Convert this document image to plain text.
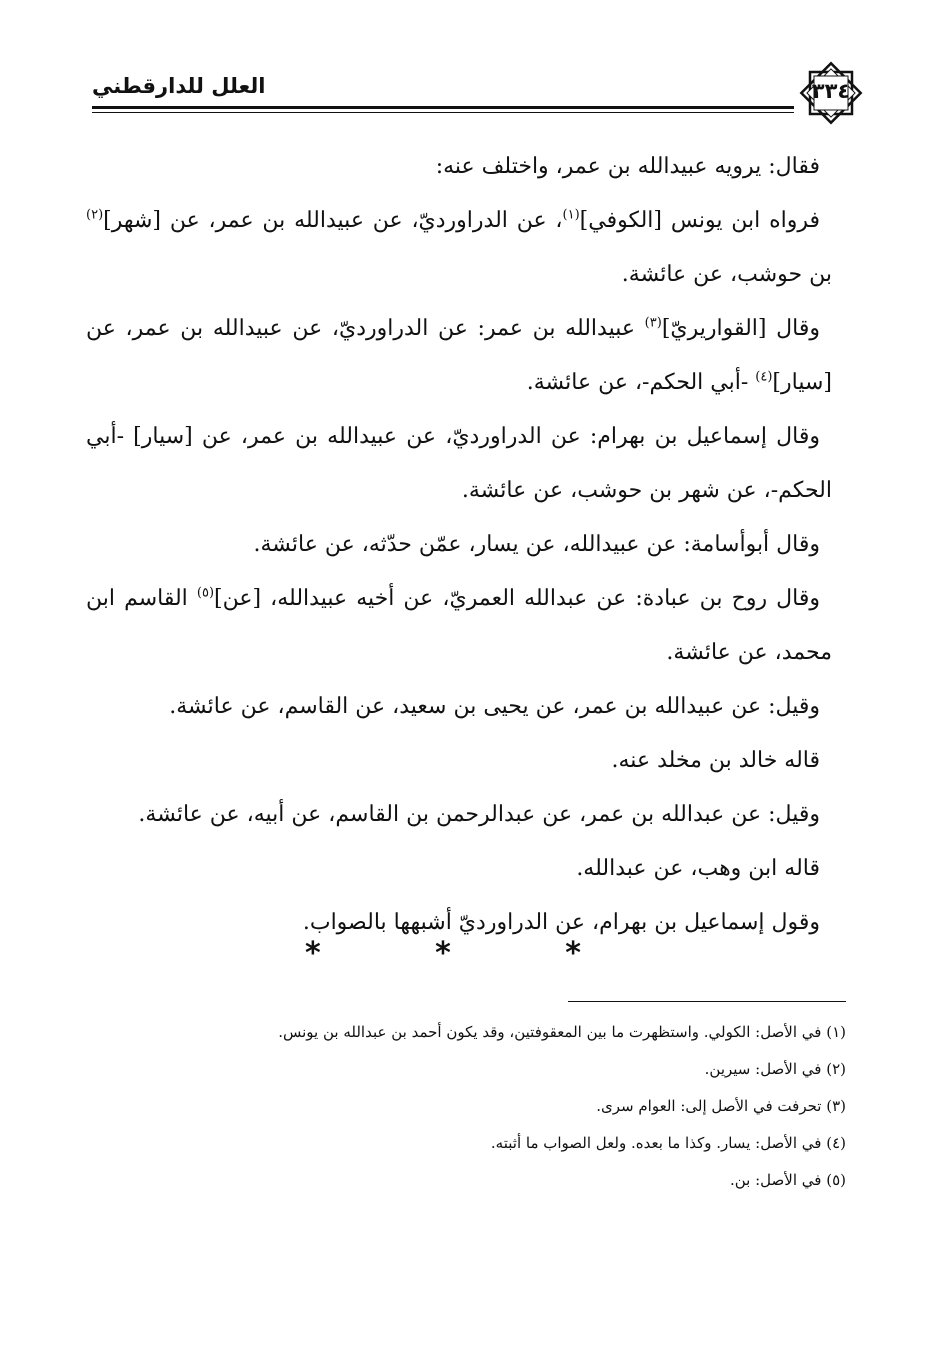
العلل للدارقطني	٣٣٤

فقال: يرويه عبيدالله بن عمر، واختلف عنه:

فرواه ابن يونس [الكوفي]$^{(١)}$، عن الدراورديّ، عن عبيدالله بن عمر، عن [شهر]$^{(٢)}$ بن حوشب، عن عائشة.

وقال [القواريريّ]$^{(٣)}$ عبيدالله بن عمر: عن الدراورديّ، عن عبيدالله بن عمر، عن [سيار]$^{(٤)}$ -أبي الحكم-، عن عائشة.

وقال إسماعيل بن بهرام: عن الدراورديّ، عن عبيدالله بن عمر، عن [سيار] -أبي الحكم-، عن شهر بن حوشب، عن عائشة.

وقال أبوأسامة: عن عبيدالله، عن يسار، عمّن حدّثه، عن عائشة.

وقال روح بن عبادة: عن عبدالله العمريّ، عن أخيه عبيدالله، [عن]$^{(٥)}$ القاسم ابن محمد، عن عائشة.

وقيل: عن عبيدالله بن عمر، عن يحيى بن سعيد، عن القاسم، عن عائشة.

قاله خالد بن مخلد عنه.

وقيل: عن عبدالله بن عمر، عن عبدالرحمن بن القاسم، عن أبيه، عن عائشة.

قاله ابن وهب، عن عبدالله.

وقول إسماعيل بن بهرام، عن الدراورديّ أشبهها بالصواب.

* * *

(١) في الأصل: الكولي. واستظهرت ما بين المعقوفتين، وقد يكون أحمد بن عبدالله بن يونس.

(٢) في الأصل: سيرين.

(٣) تحرفت في الأصل إلى: العوام سرى.

(٤) في الأصل: يسار. وكذا ما بعده. ولعل الصواب ما أثبته.

(٥) في الأصل: بن.
